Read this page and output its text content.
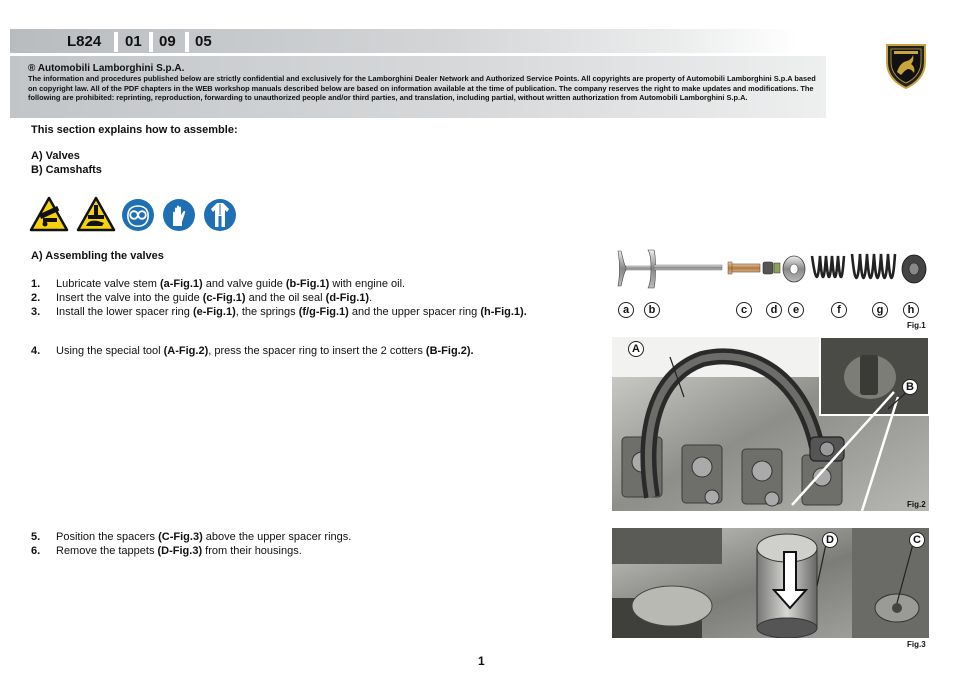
L824 01 09 05
® Automobili Lamborghini S.p.A.
The information and procedures published below are strictly confidential and exclusively for the Lamborghini Dealer Network and Authorized Service Points. All copyrights are property of Automobili Lamborghini S.p.A based on copyright law. All of the PDF chapters in the WEB workshop manuals described below are based on information available at the time of publication. The company reserves the right to make updates and modifications. The following are prohibited: reprinting, reproduction, forwarding to unauthorized people and/or third parties, and translation, including partial, without written authorization from Automobili Lamborghini S.p.A.
This section explains how to assemble:
A) Valves
B) Camshafts
A) Assembling the valves
1. Lubricate valve stem (a-Fig.1) and valve guide (b-Fig.1) with engine oil.
2. Insert the valve into the guide (c-Fig.1) and the oil seal (d-Fig.1).
3. Install the lower spacer ring (e-Fig.1), the springs (f/g-Fig.1) and the upper spacer ring (h-Fig.1).
4. Using the special tool (A-Fig.2), press the spacer ring to insert the 2 cotters (B-Fig.2).
5. Position the spacers (C-Fig.3) above the upper spacer rings.
6. Remove the tappets (D-Fig.3) from their housings.
a	b	c	d	e	f	g	h
Fig.1
A
B
Fig.2
D	C
Fig.3
1
